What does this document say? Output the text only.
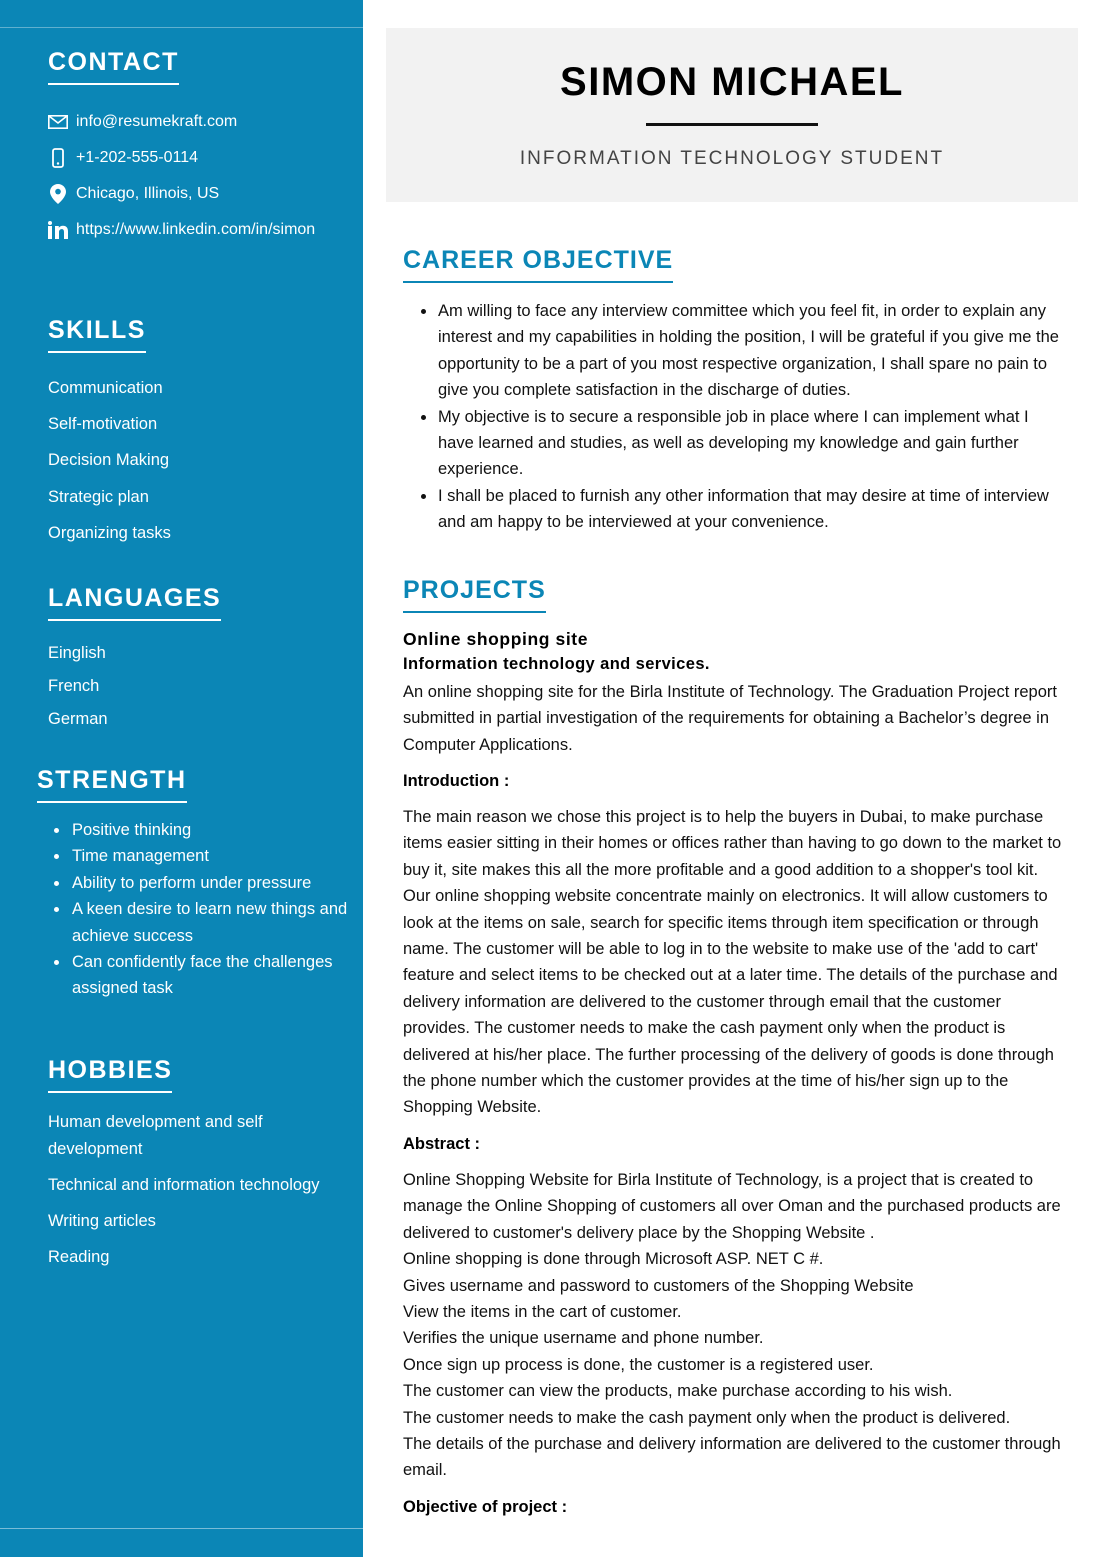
CONTACT
info@resumekraft.com
+1-202-555-0114
Chicago, Illinois, US
https://www.linkedin.com/in/simon
SKILLS
Communication
Self-motivation
Decision Making
Strategic plan
Organizing tasks
LANGUAGES
Einglish
French
German
STRENGTH
Positive thinking
Time management
Ability to perform under pressure
A keen desire to learn new things and achieve success
Can confidently face the challenges assigned task
HOBBIES
Human development and self development
Technical and information technology
Writing articles
Reading
SIMON MICHAEL
INFORMATION TECHNOLOGY STUDENT
CAREER OBJECTIVE
Am willing to face any interview committee which you feel fit, in order to explain any interest and my capabilities in holding the position, I will be grateful if you give me the opportunity to be a part of you most respective organization, I shall spare no pain to give you complete satisfaction in the discharge of duties.
My objective is to secure a responsible job in place where I can implement what I have learned and studies, as well as developing my knowledge and gain further experience.
I shall be placed to furnish any other information that may desire at time of interview and am happy to be interviewed at your convenience.
PROJECTS
Online shopping site
Information technology and services.

An online shopping site for the Birla Institute of Technology. The Graduation Project report submitted in partial investigation of the requirements for obtaining a Bachelor’s degree in Computer Applications.

Introduction :

The main reason we chose this project is to help the buyers in Dubai, to make purchase items easier sitting in their homes or offices rather than having to go down to the market to buy it, site makes this all the more profitable and a good addition to a shopper's tool kit. Our online shopping website concentrate mainly on electronics. It will allow customers to look at the items on sale, search for specific items through item specification or through name. The customer will be able to log in to the website to make use of the 'add to cart' feature and select items to be checked out at a later time. The details of the purchase and delivery information are delivered to the customer through email that the customer provides. The customer needs to make the cash payment only when the product is delivered at his/her place. The further processing of the delivery of goods is done through the phone number which the customer provides at the time of his/her sign up to the Shopping Website.

Abstract :
Online Shopping Website for Birla Institute of Technology, is a project that is created to manage the Online Shopping of customers all over Oman and the purchased products are delivered to customer's delivery place by the Shopping Website .
Online shopping is done through Microsoft ASP. NET C #.
Gives username and password to customers of the Shopping Website
View the items in the cart of customer.
Verifies the unique username and phone number.
Once sign up process is done, the customer is a registered user.
The customer can view the products, make purchase according to his wish.
The customer needs to make the cash payment only when the product is delivered.
The details of the purchase and delivery information are delivered to the customer through email.
Objective of project :
